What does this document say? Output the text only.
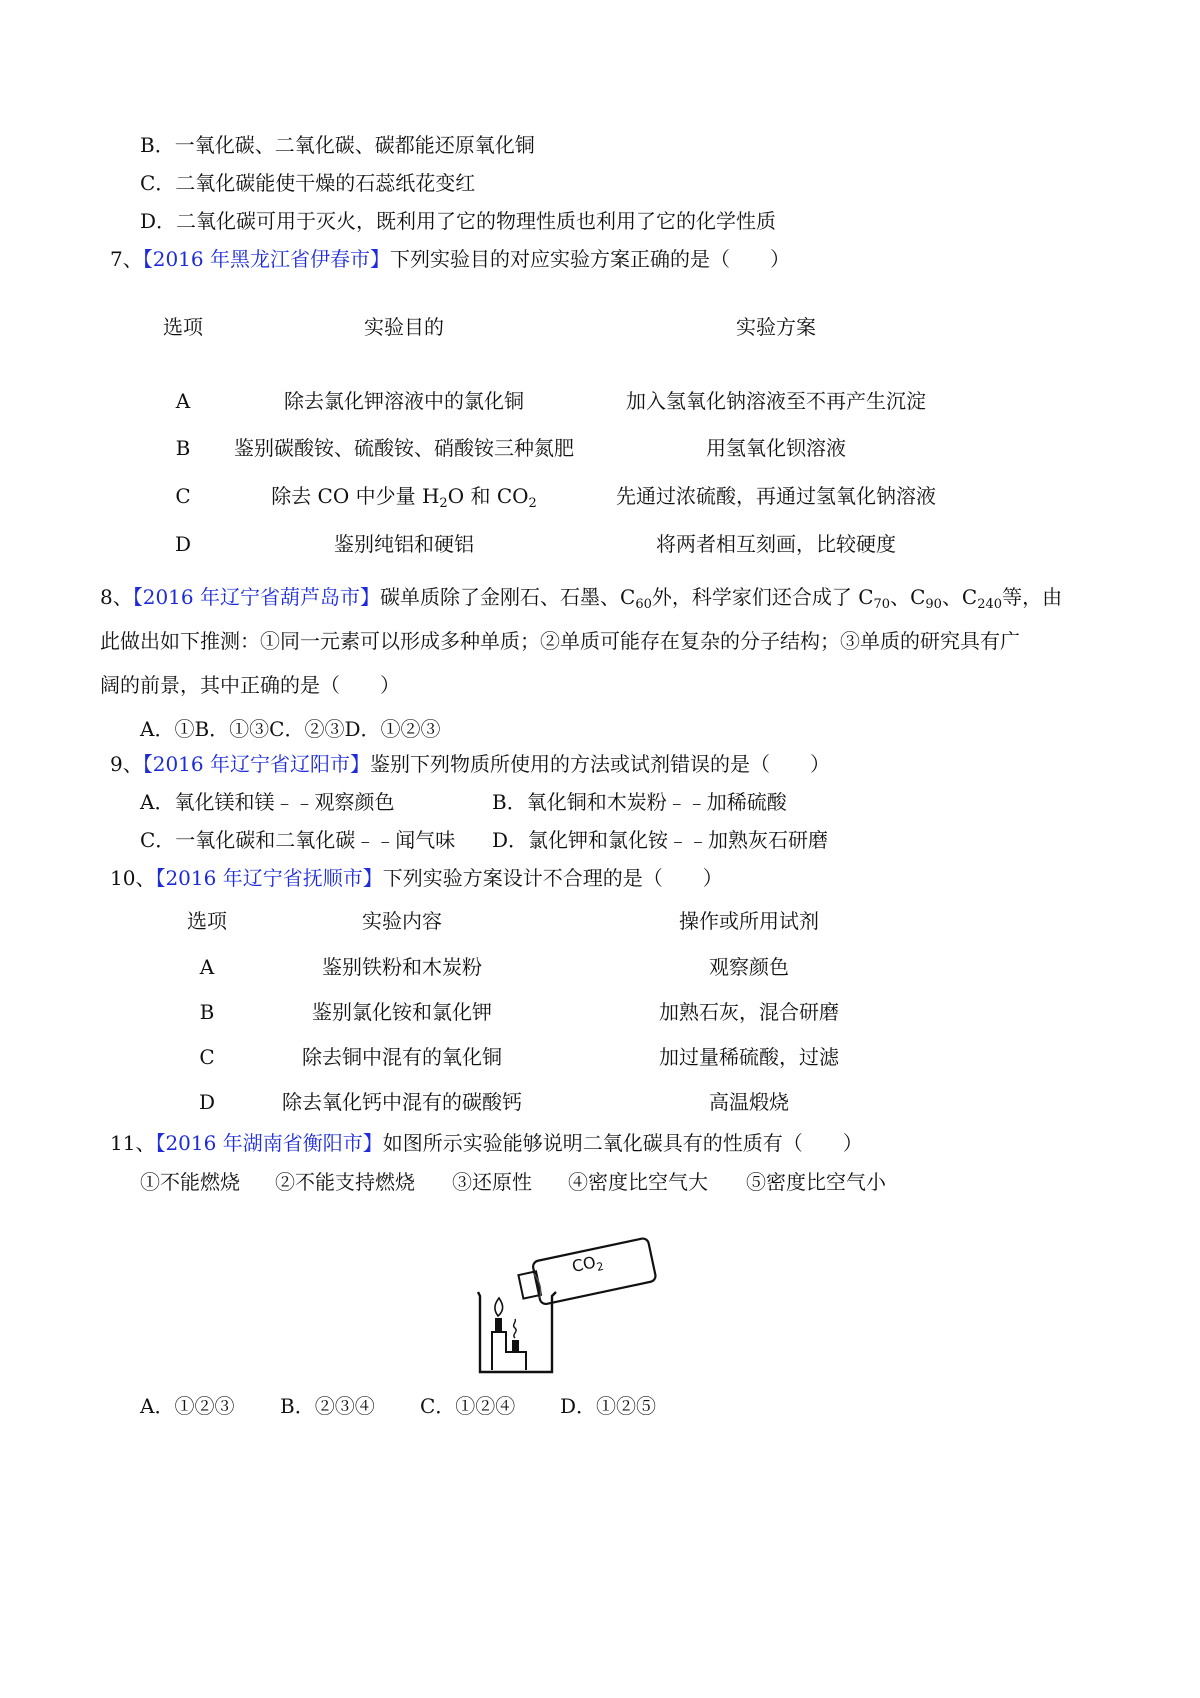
B．一氧化碳、二氧化碳、碳都能还原氧化铜
C．二氧化碳能使干燥的石蕊纸花变红
D．二氧化碳可用于灭火，既利用了它的物理性质也利用了它的化学性质
7、【2016 年黑龙江省伊春市】下列实验目的对应实验方案正确的是（　　）
选项	实验目的	实验方案
A	除去氯化钾溶液中的氯化铜	加入氢氧化钠溶液至不再产生沉淀
B 鉴别碳酸铵、硫酸铵、硝酸铵三种氮肥	用氢氧化钡溶液
C	除去 CO 中少量 $H_2O$ 和 $CO_2$	先通过浓硫酸，再通过氢氧化钠溶液
D	鉴别纯铝和硬铝	将两者相互刻画，比较硬度
8、【2016 年辽宁省葫芦岛市】碳单质除了金刚石、石墨、$C_{60}$外，科学家们还合成了 $C_{70}$、$C_{90}$、$C_{240}$等，由
此做出如下推测：①同一元素可以形成多种单质；②单质可能存在复杂的分子结构；③单质的研究具有广
阔的前景，其中正确的是（　　）
A．①B．①③C．②③D．①②③
9、【2016 年辽宁省辽阳市】鉴别下列物质所使用的方法或试剂错误的是（　　）
A．氧化镁和镁﹣﹣观察颜色	B．氧化铜和木炭粉﹣﹣加稀硫酸
C．一氧化碳和二氧化碳﹣﹣闻气味 D．氯化钾和氯化铵﹣﹣加熟灰石研磨
10、【2016 年辽宁省抚顺市】下列实验方案设计不合理的是（　　）
选项	实验内容	操作或所用试剂
A	鉴别铁粉和木炭粉	观察颜色
B	鉴别氯化铵和氯化钾	加熟石灰，混合研磨
C	除去铜中混有的氧化铜	加过量稀硫酸，过滤
D	除去氧化钙中混有的碳酸钙	高温煅烧
11、【2016 年湖南省衡阳市】如图所示实验能够说明二氧化碳具有的性质有（　　）
①不能燃烧 ②不能支持燃烧 ③还原性 ④密度比空气大 ⑤密度比空气小
$CO_2$
A．①②③ B．②③④ C．①②④ D．①②⑤
